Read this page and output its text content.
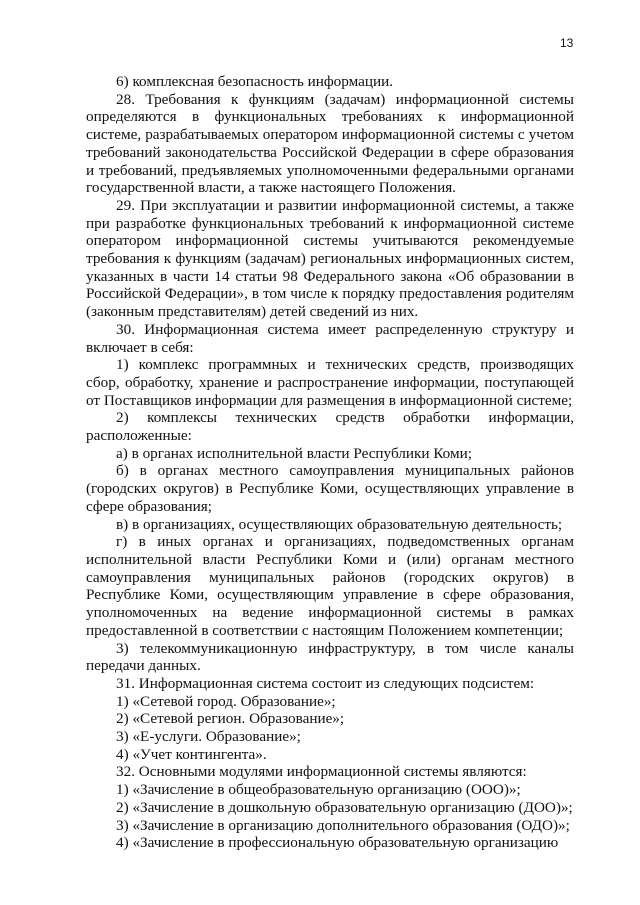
13

6) комплексная безопасность информации.

28. Требования к функциям (задачам) информационной системы определяются в функциональных требованиях к информационной системе, разрабатываемых оператором информационной системы с учетом требований законодательства Российской Федерации в сфере образования и требований, предъявляемых уполномоченными федеральными органами государственной власти, а также настоящего Положения.

29. При эксплуатации и развитии информационной системы, а также при разработке функциональных требований к информационной системе оператором информационной системы учитываются рекомендуемые требования к функциям (задачам) региональных информационных систем, указанных в части 14 статьи 98 Федерального закона «Об образовании в Российской Федерации», в том числе к порядку предоставления родителям (законным представителям) детей сведений из них.

30. Информационная система имеет распределенную структуру и включает в себя:

1) комплекс программных и технических средств, производящих сбор, обработку, хранение и распространение информации, поступающей от Поставщиков информации для размещения в информационной системе;

2) комплексы технических средств обработки информации, расположенные:

а) в органах исполнительной власти Республики Коми;

б) в органах местного самоуправления муниципальных районов (городских округов) в Республике Коми, осуществляющих управление в сфере образования;

в) в организациях, осуществляющих образовательную деятельность;

г) в иных органах и организациях, подведомственных органам исполнительной власти Республики Коми и (или) органам местного самоуправления муниципальных районов (городских округов) в Республике Коми, осуществляющим управление в сфере образования, уполномоченных на ведение информационной системы в рамках предоставленной в соответствии с настоящим Положением компетенции;

3) телекоммуникационную инфраструктуру, в том числе каналы передачи данных.

31. Информационная система состоит из следующих подсистем:

1) «Сетевой город. Образование»;

2) «Сетевой регион. Образование»;

3) «Е-услуги. Образование»;

4) «Учет контингента».

32. Основными модулями информационной системы являются:

1) «Зачисление в общеобразовательную организацию (ООО)»;

2) «Зачисление в дошкольную образовательную организацию (ДОО)»;

3) «Зачисление в организацию дополнительного образования (ОДО)»;

4) «Зачисление в профессиональную образовательную организацию
